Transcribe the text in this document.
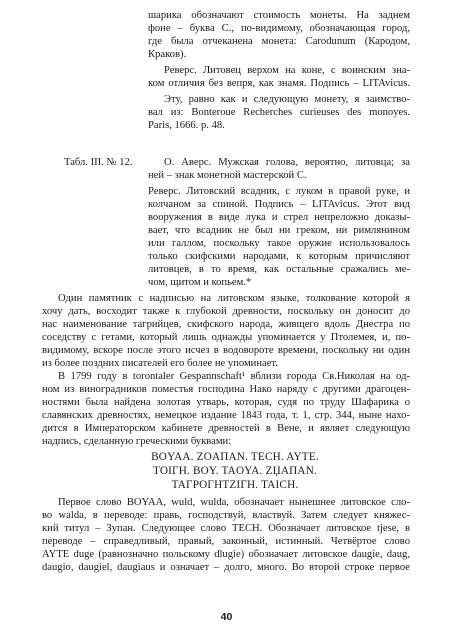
Табл. III. № 12.
шарика обозначают стоимость монеты. На заднем
фоне – буква С., по-видимому, обозначающая город,
где была отчеканена монета: Carodunum (Кародом,
Краков).
Реверс. Литовец верхом на коне, с воинским зна-
ком отличия без вепря, как знамя. Подпись – LITAvicus.
Эту, равно как и следующую монету, я заимство-
вал из: Bonteroue Recherches curieuses des monoyes.
Paris, 1666. p. 48.
О. Аверс. Мужская голова, вероятно, литовца; за
ней – знак монетной мастерской С.
Реверс. Литовский всадник, с луком в правой руке, и
колчаном за спиной. Подпись – LITAvicus. Этот вид
вооружения в виде лука и стрел непреложно доказы-
вает, что всадник не был ни греком, ни римлянином
или галлом, поскольку такое оружие использовалось
только скифскими народами, к которым причисляют
литовцев, в то время, как остальные сражались ме-
чом, щитом и копьем.*
Один памятник с надписью на литовском языке, толкование которой я
хочу дать, восходит также к глубокой древности, поскольку он доносит до
нас наименование тагрийцев, скифского народа, живщего вдоль Днестра по
соседству с гетами, который лишь однажды упоминается у Птолемея, и, по-
видимому, вскоре после этого исчез в водовороте времени, поскольку ни один
из более поздних писателей его более не упоминает.
В 1799 году в torontaler Gespannschaft¹ вблизи города Св.Николая на од-
ном из виноградников поместья господина Нако наряду с другими драгоцен-
ностями была найдена золотая утварь, которая, судя по труду Шафарика о
славянских древностях, немецкое издание 1843 года, т. 1, стр. 344, ныне нахо-
дится в Императорском кабинете древностей в Вене, и являет следующую
надпись, сделанную греческими буквами:
BOYAA. ZOAПAN. TECH. AYTE.
TOIГH. BOY. TAOYA. ZЏAПAN.
TAГPOГHTZIГH. TAICH.
Первое слово BOYAA, wuld, wulda, обозначает нынешнее литовское сло-
во walda, в переводе: правь, господствуй, властвуй. Затем следует княжес-
кий титул – Зупан. Следующее слово ТЕСН. Обозначает литовское tjese, в
переводе – справедливый, правый, законный, истинный. Четвёртое слово
AYTE duge (равнозначно польскому dlugie) обозначает литовское daugie, daug,
daugio, daugiel, daugiaus и означает – долго, много. Во второй строке первое
40
